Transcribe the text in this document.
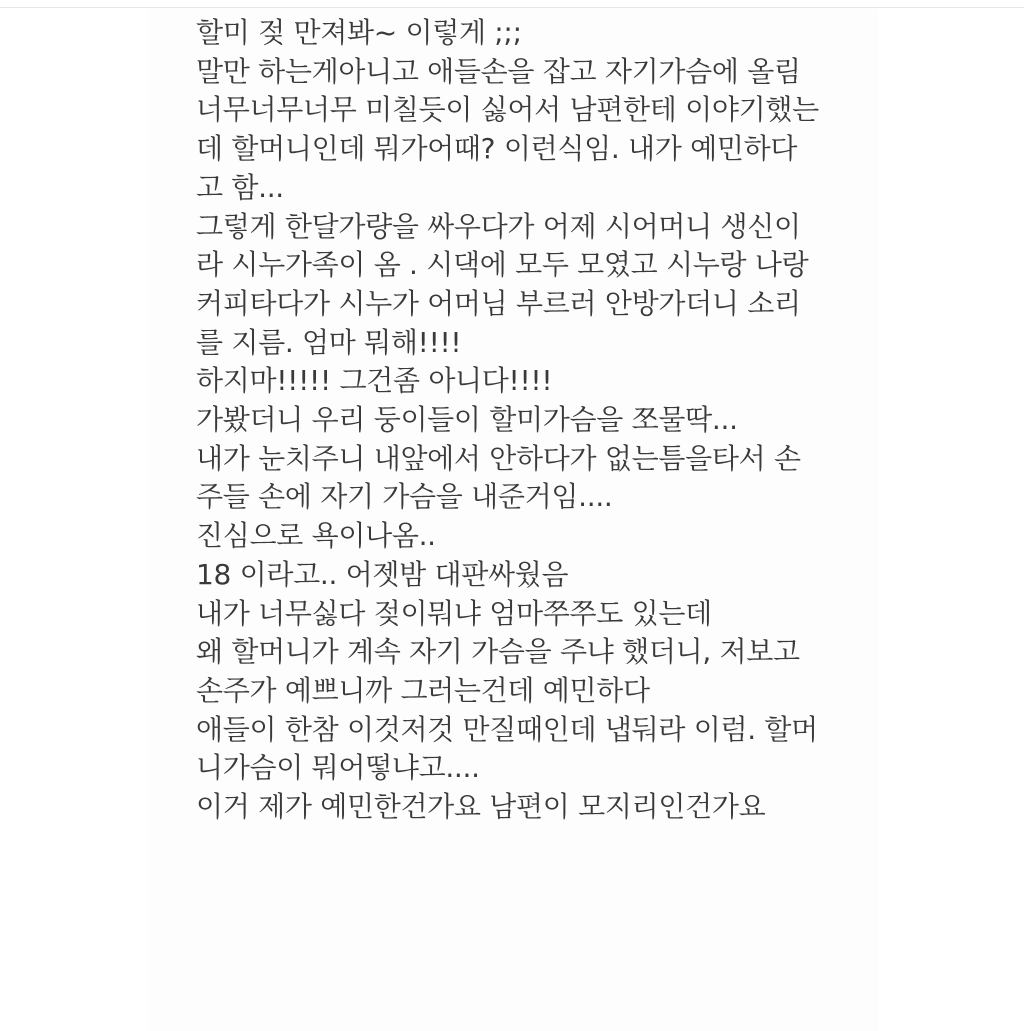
할미 젖 만져봐~ 이렇게 ;;;

말만 하는게아니고 애들손을 잡고 자기가슴에 올림

너무너무너무 미칠듯이 싫어서 남편한테 이야기했는

데 할머니인데 뭐가어때? 이런식임. 내가 예민하다

고 함...

그렇게 한달가량을 싸우다가 어제 시어머니 생신이

라 시누가족이 옴 . 시댁에 모두 모였고 시누랑 나랑

커피타다가 시누가 어머님 부르러 안방가더니 소리

를 지름. 엄마 뭐해!!!!

하지마!!!!! 그건좀 아니다!!!!

가봤더니 우리 둥이들이 할미가슴을 쪼물딱...

내가 눈치주니 내앞에서 안하다가 없는틈을타서 손

주들 손에 자기 가슴을 내준거임....

진심으로 욕이나옴..

18 이라고.. 어젯밤 대판싸웠음

내가 너무싫다 젖이뭐냐 엄마쭈쭈도 있는데

왜 할머니가 계속 자기 가슴을 주냐 했더니, 저보고

손주가 예쁘니까 그러는건데 예민하다

애들이 한참 이것저것 만질때인데 냅둬라 이럼. 할머

니가슴이 뭐어떻냐고....

이거 제가 예민한건가요 남편이 모지리인건가요
